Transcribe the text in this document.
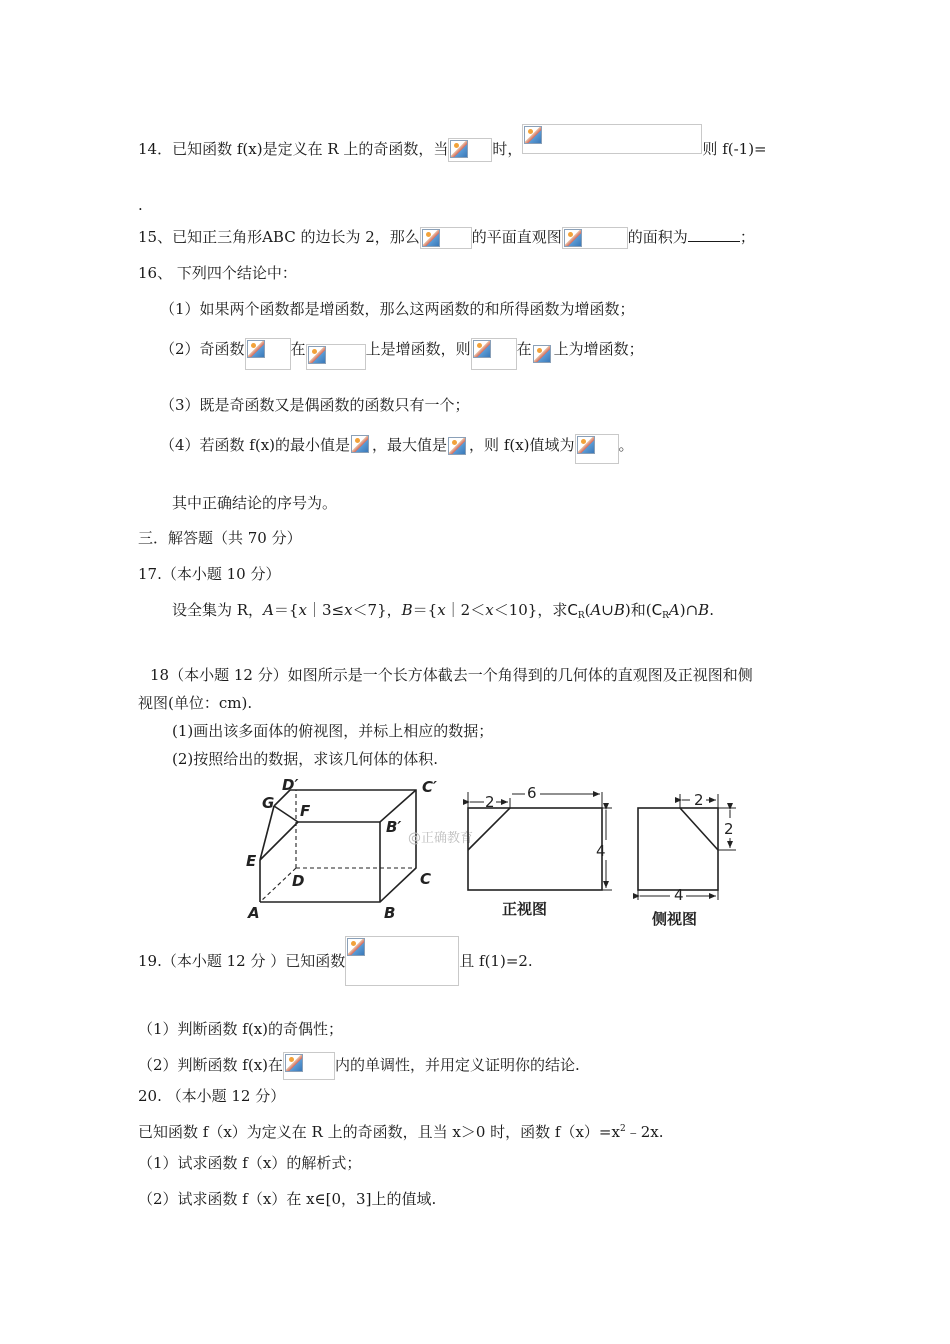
14．已知函数 f(x)是定义在 R 上的奇函数，当	时，	则 f(-1)=
.
15、已知正三角形ABC 的边长为 2，那么	的平面直观图	的面积为	；
16、 下列四个结论中：
（1）如果两个函数都是增函数，那么这两函数的和所得函数为增函数；
（2）奇函数	在	上是增函数，则	在 上为增函数；
（3）既是奇函数又是偶函数的函数只有一个；
（4）若函数 f(x)的最小值是 ，最大值是 ，则 f(x)值域为	。
其中正确结论的序号为。
三．解答题（共 70 分）
17.（本小题 10 分）
设全集为 R，A＝{x｜3≤x＜7}，B＝{x｜2＜x＜10}，求$C_R(A\cup B)$和$(C_RA)\cap B$.
18（本小题 12 分）如图所示是一个长方体截去一个角得到的几何体的直观图及正视图和侧
视图(单位：cm).
(1)画出该多面体的俯视图，并标上相应的数据；
(2)按照给出的数据，求该几何体的体积.
D′	C′
G F
B′
E
D	C
A	B
@正确教育
2 6
4
正视图
2
2
4
侧视图
19.（本小题 12 分 ）已知函数	且 f(1)=2.
（1）判断函数 f(x)的奇偶性；
（2）判断函数 f(x)在	内的单调性，并用定义证明你的结论.
20. （本小题 12 分）
已知函数 f（x）为定义在 R 上的奇函数，且当 x＞0 时，函数 $f(x)=x^2﹣2x$.
（1）试求函数 f（x）的解析式；
（2）试求函数 f（x）在 x∈[0，3]上的值域.
